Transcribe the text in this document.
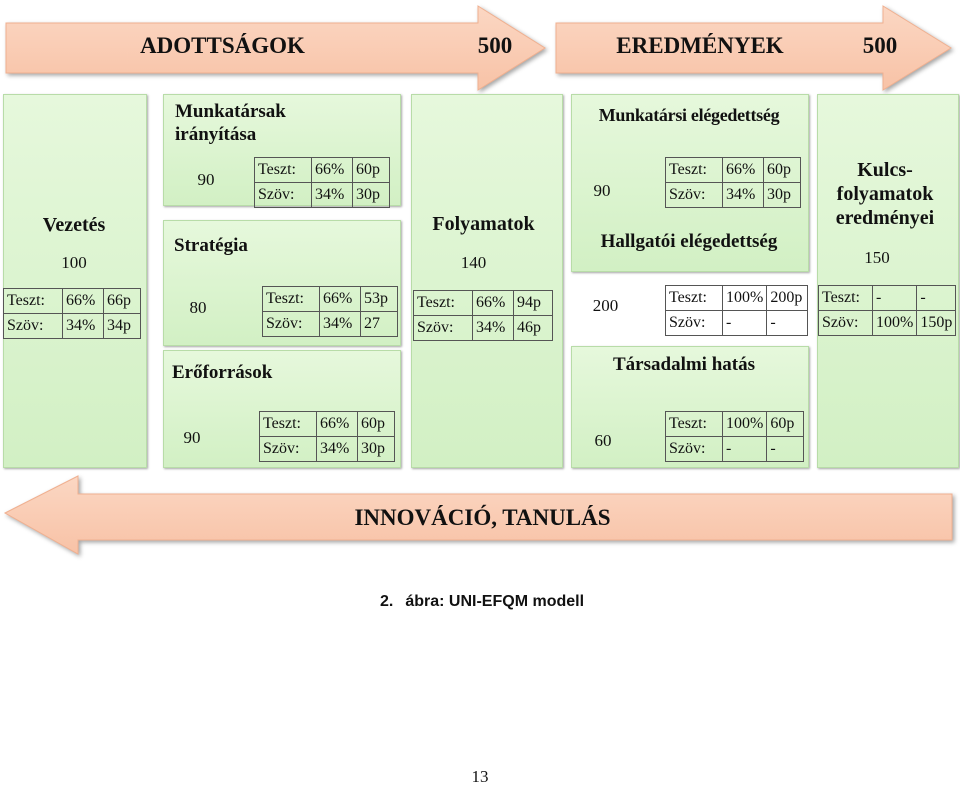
ADOTTSÁGOK	500	EREDMÉNYEK	500
Vezetés
100
Teszt:	66%	66p
Szöv:	34%	34p
Munkatársak
irányítása
90
Teszt:	66%	60p
Szöv:	34%	30p
Stratégia
80	Teszt:	66%	53p
Szöv:	34%	27
Erőforrások
90
Teszt:	66%	60p
Szöv:	34%	30p
Folyamatok
140
Teszt:	66%	94p
Szöv:	34%	46p
Munkatársi elégedettség
90
Teszt:	66%	60p
Szöv:	34%	30p
Hallgatói elégedettség
200	Teszt:	100%	200p
Szöv:	-	-
Társadalmi hatás
60
Teszt:	100%	60p
Szöv:	-	-
Kulcs-
folyamatok
eredményei
150
Teszt:	-	-
Szöv:	100%	150p
INNOVÁCIÓ, TANULÁS
2. ábra: UNI-EFQM modell
13
